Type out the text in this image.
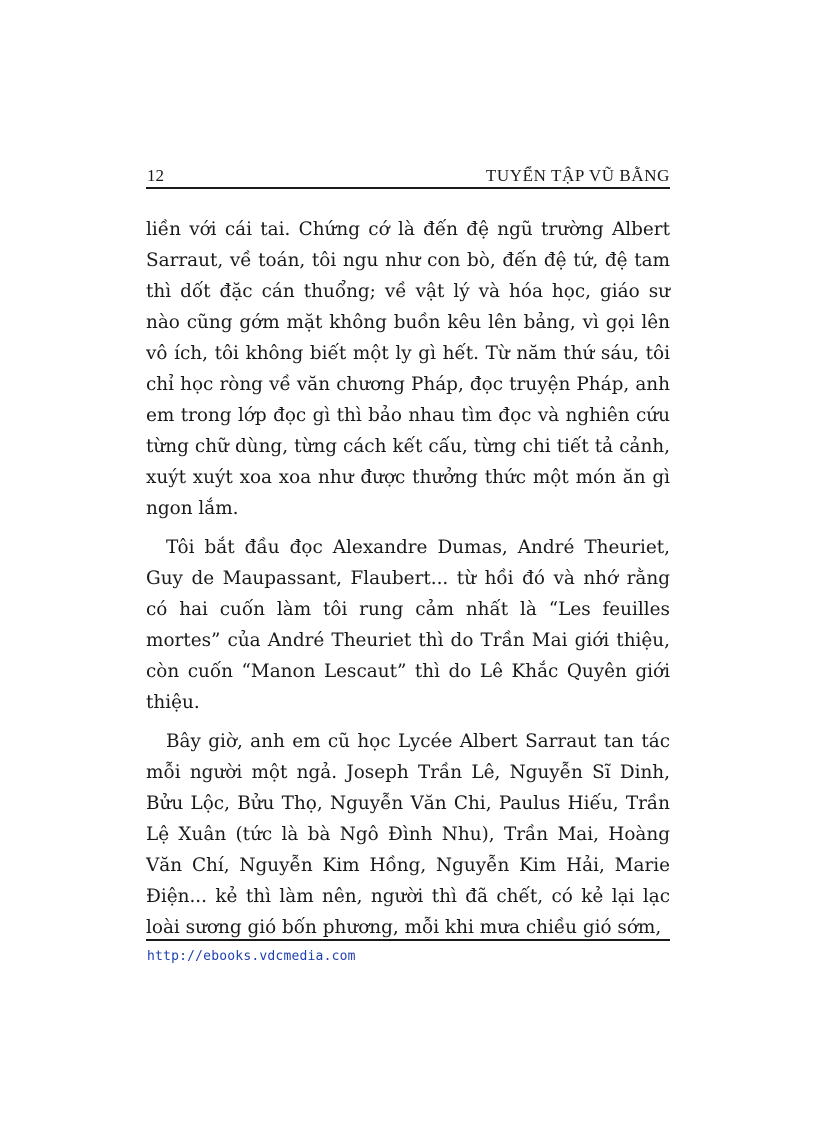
12	TUYỂN TẬP VŨ BẰNG

liền với cái tai. Chứng cớ là đến đệ ngũ trường Albert Sarraut, về toán, tôi ngu như con bò, đến đệ tứ, đệ tam thì dốt đặc cán thuổng; về vật lý và hóa học, giáo sư nào cũng gớm mặt không buồn kêu lên bảng, vì gọi lên vô ích, tôi không biết một ly gì hết. Từ năm thứ sáu, tôi chỉ học ròng về văn chương Pháp, đọc truyện Pháp, anh em trong lớp đọc gì thì bảo nhau tìm đọc và nghiên cứu từng chữ dùng, từng cách kết cấu, từng chi tiết tả cảnh, xuýt xuýt xoa xoa như được thưởng thức một món ăn gì ngon lắm.

Tôi bắt đầu đọc Alexandre Dumas, André Theuriet, Guy de Maupassant, Flaubert... từ hồi đó và nhớ rằng có hai cuốn làm tôi rung cảm nhất là “Les feuilles mortes” của André Theuriet thì do Trần Mai giới thiệu, còn cuốn “Manon Lescaut” thì do Lê Khắc Quyên giới thiệu.

Bây giờ, anh em cũ học Lycée Albert Sarraut tan tác mỗi người một ngả. Joseph Trần Lê, Nguyễn Sĩ Dinh, Bửu Lộc, Bửu Thọ, Nguyễn Văn Chi, Paulus Hiếu, Trần Lệ Xuân (tức là bà Ngô Đình Nhu), Trần Mai, Hoàng Văn Chí, Nguyễn Kim Hồng, Nguyễn Kim Hải, Marie Điện... kẻ thì làm nên, người thì đã chết, có kẻ lại lạc loài sương gió bốn phương, mỗi khi mưa chiều gió sớm,

http://ebooks.vdcmedia.com
